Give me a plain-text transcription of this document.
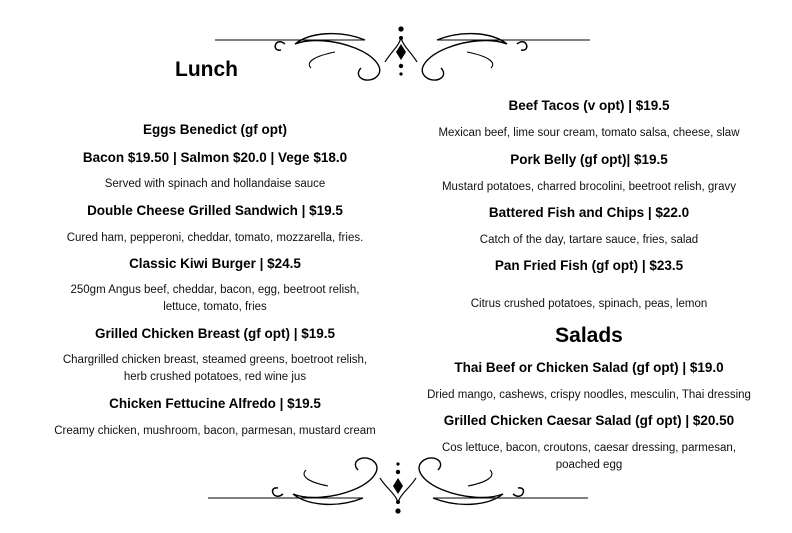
Lunch
Eggs Benedict (gf opt)
Bacon $19.50 | Salmon $20.0 | Vege $18.0
Served with spinach and hollandaise sauce
Double Cheese Grilled Sandwich | $19.5
Cured ham, pepperoni, cheddar, tomato, mozzarella, fries.
Classic Kiwi Burger | $24.5
250gm Angus beef, cheddar, bacon, egg, beetroot relish,
lettuce, tomato, fries
Grilled Chicken Breast (gf opt) | $19.5
Chargrilled chicken breast, steamed greens, boetroot relish,
herb crushed potatoes, red wine jus
Chicken Fettucine Alfredo | $19.5
Creamy chicken, mushroom, bacon, parmesan, mustard cream
Beef Tacos (v opt) | $19.5
Mexican beef, lime sour cream, tomato salsa, cheese, slaw
Pork Belly (gf opt)| $19.5
Mustard potatoes, charred brocolini, beetroot relish, gravy
Battered Fish and Chips | $22.0
Catch of the day, tartare sauce, fries, salad
Pan Fried Fish (gf opt) | $23.5
Citrus crushed potatoes, spinach, peas, lemon
Salads
Thai Beef or Chicken Salad (gf opt) | $19.0
Dried mango, cashews, crispy noodles, mesculin, Thai dressing
Grilled Chicken Caesar Salad (gf opt) | $20.50
Cos lettuce, bacon, croutons, caesar dressing, parmesan,
poached egg
